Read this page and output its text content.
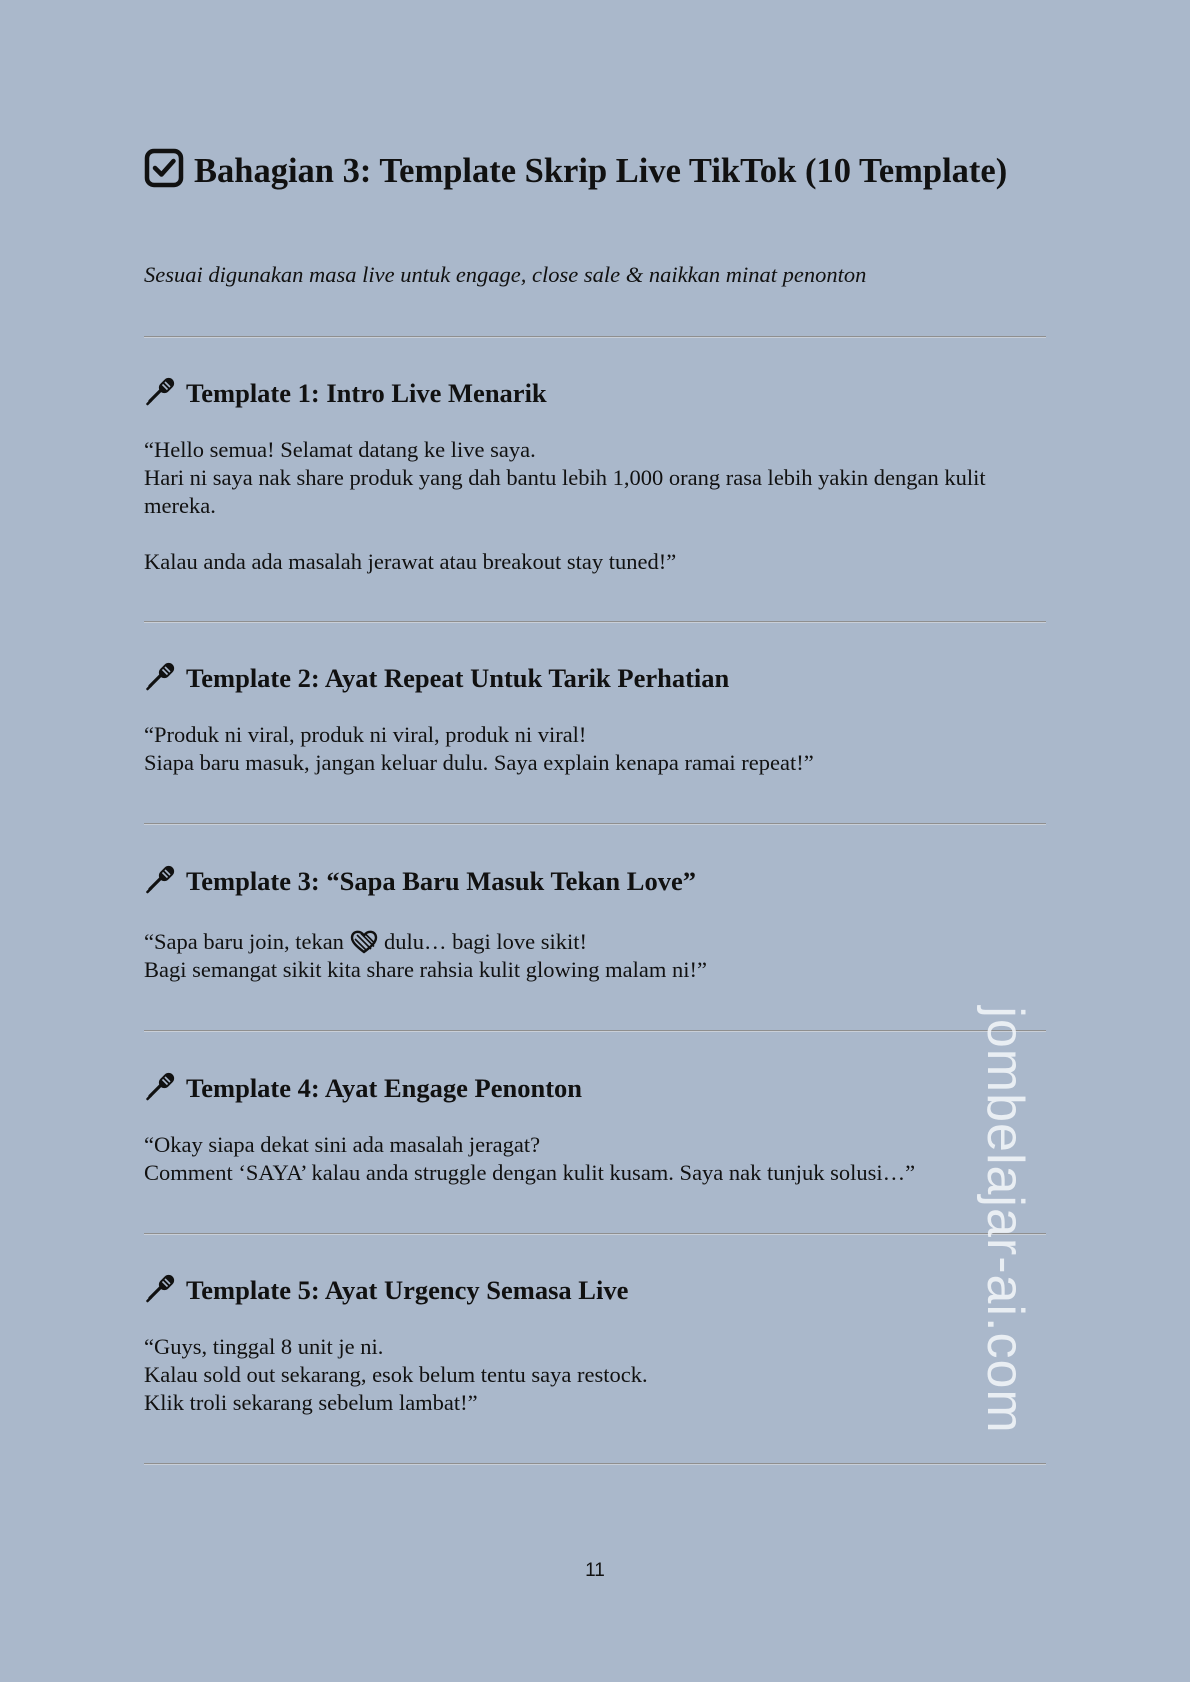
Bahagian 3: Template Skrip Live TikTok (10 Template)

Sesuai digunakan masa live untuk engage, close sale & naikkan minat penonton

Template 1: Intro Live Menarik
“Hello semua! Selamat datang ke live saya.
Hari ni saya nak share produk yang dah bantu lebih 1,000 orang rasa lebih yakin dengan kulit mereka.
Kalau anda ada masalah jerawat atau breakout stay tuned!”
Template 2: Ayat Repeat Untuk Tarik Perhatian
“Produk ni viral, produk ni viral, produk ni viral!
Siapa baru masuk, jangan keluar dulu. Saya explain kenapa ramai repeat!”
Template 3: “Sapa Baru Masuk Tekan Love”
“Sapa baru join, tekan dulu… bagi love sikit!
Bagi semangat sikit kita share rahsia kulit glowing malam ni!”
Template 4: Ayat Engage Penonton
“Okay siapa dekat sini ada masalah jeragat?
Comment ‘SAYA’ kalau anda struggle dengan kulit kusam. Saya nak tunjuk solusi…”
Template 5: Ayat Urgency Semasa Live
“Guys, tinggal 8 unit je ni.
Kalau sold out sekarang, esok belum tentu saya restock.
Klik troli sekarang sebelum lambat!”	jombelajar-ai.com
11
